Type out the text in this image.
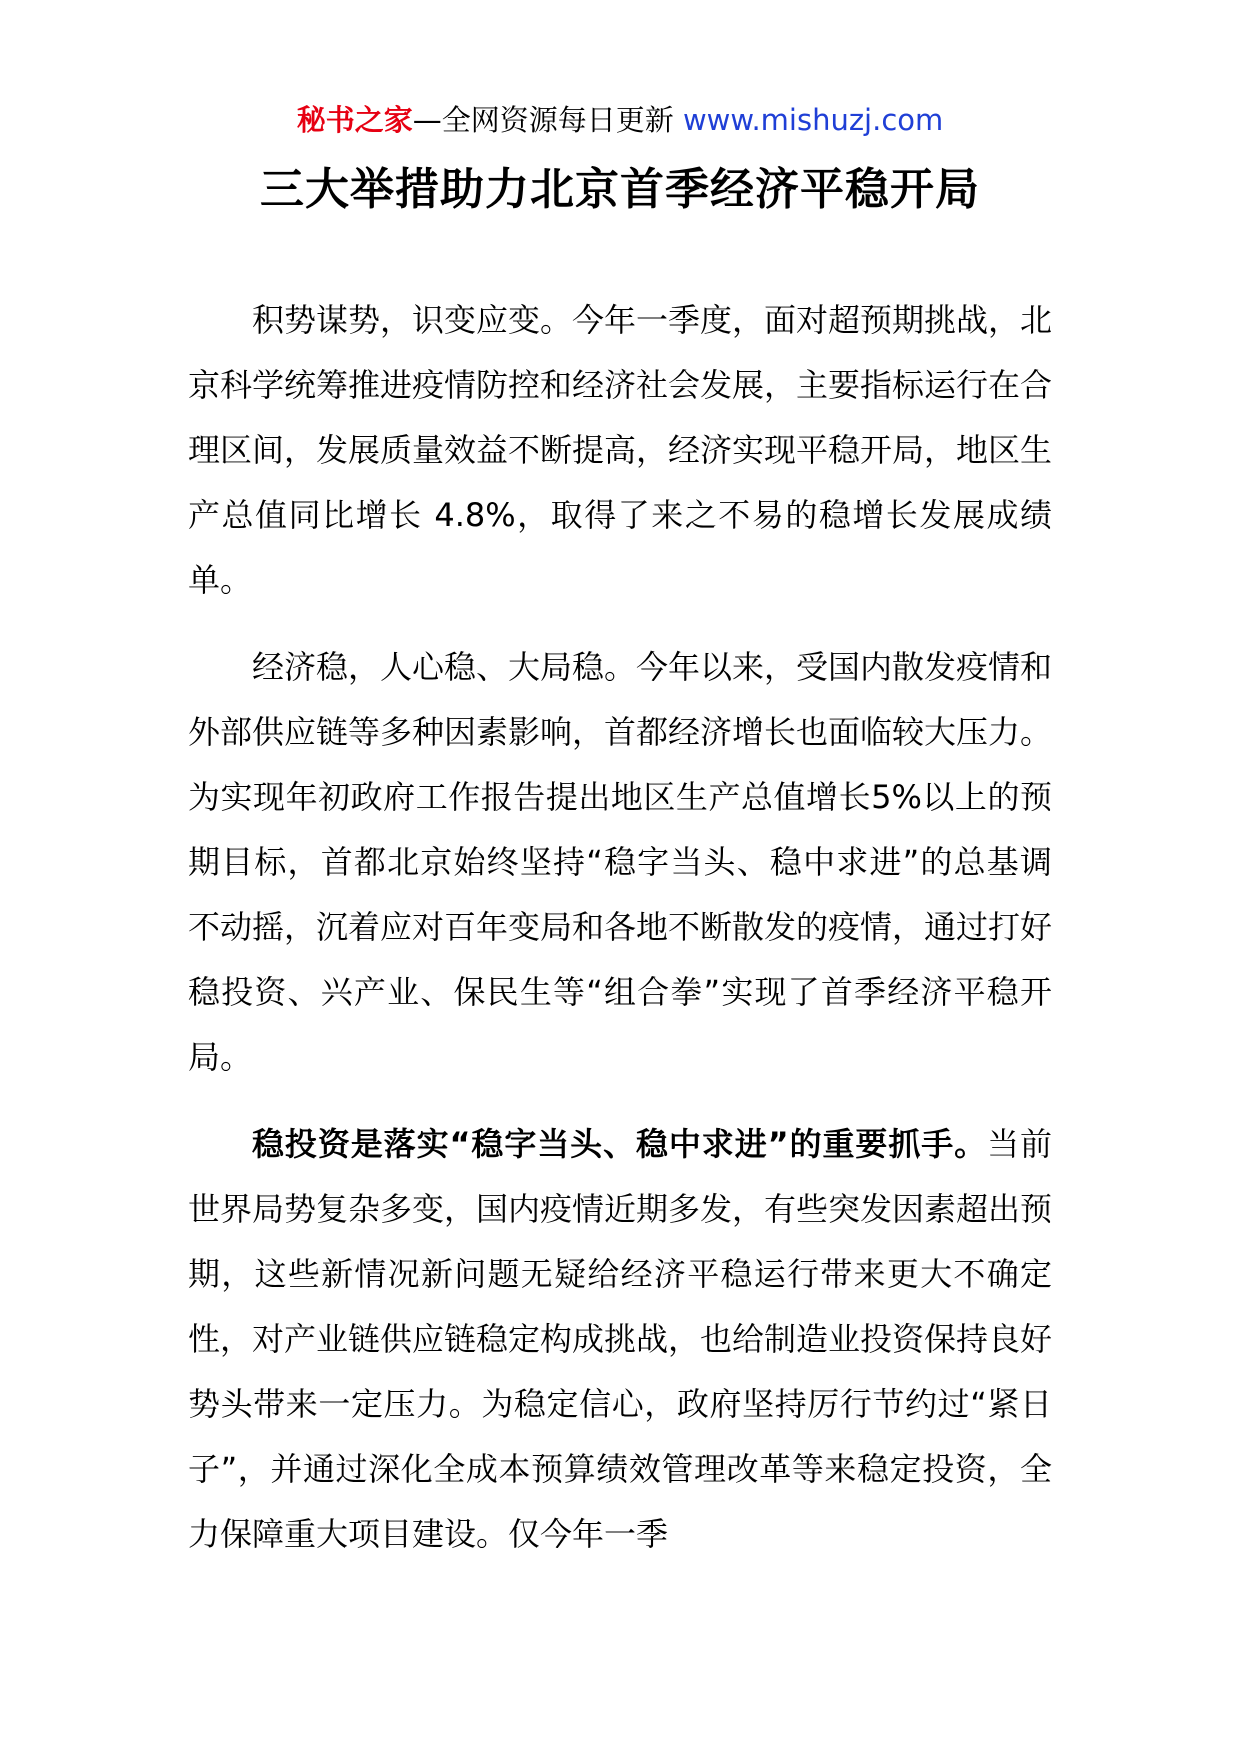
秘书之家—全网资源每日更新 www.mishuzj.com
三大举措助力北京首季经济平稳开局

积势谋势，识变应变。今年一季度，面对超预期挑战，北京科学统筹推进疫情防控和经济社会发展，主要指标运行在合理区间，发展质量效益不断提高，经济实现平稳开局，地区生产总值同比增长 4.8%，取得了来之不易的稳增长发展成绩单。

经济稳，人心稳、大局稳。今年以来，受国内散发疫情和外部供应链等多种因素影响，首都经济增长也面临较大压力。为实现年初政府工作报告提出地区生产总值增长5%以上的预期目标，首都北京始终坚持“稳字当头、稳中求进”的总基调不动摇，沉着应对百年变局和各地不断散发的疫情，通过打好稳投资、兴产业、保民生等“组合拳”实现了首季经济平稳开局。

稳投资是落实“稳字当头、稳中求进”的重要抓手。当前世界局势复杂多变，国内疫情近期多发，有些突发因素超出预期，这些新情况新问题无疑给经济平稳运行带来更大不确定性，对产业链供应链稳定构成挑战，也给制造业投资保持良好势头带来一定压力。为稳定信心，政府坚持厉行节约过“紧日子”，并通过深化全成本预算绩效管理改革等来稳定投资，全力保障重大项目建设。仅今年一季
